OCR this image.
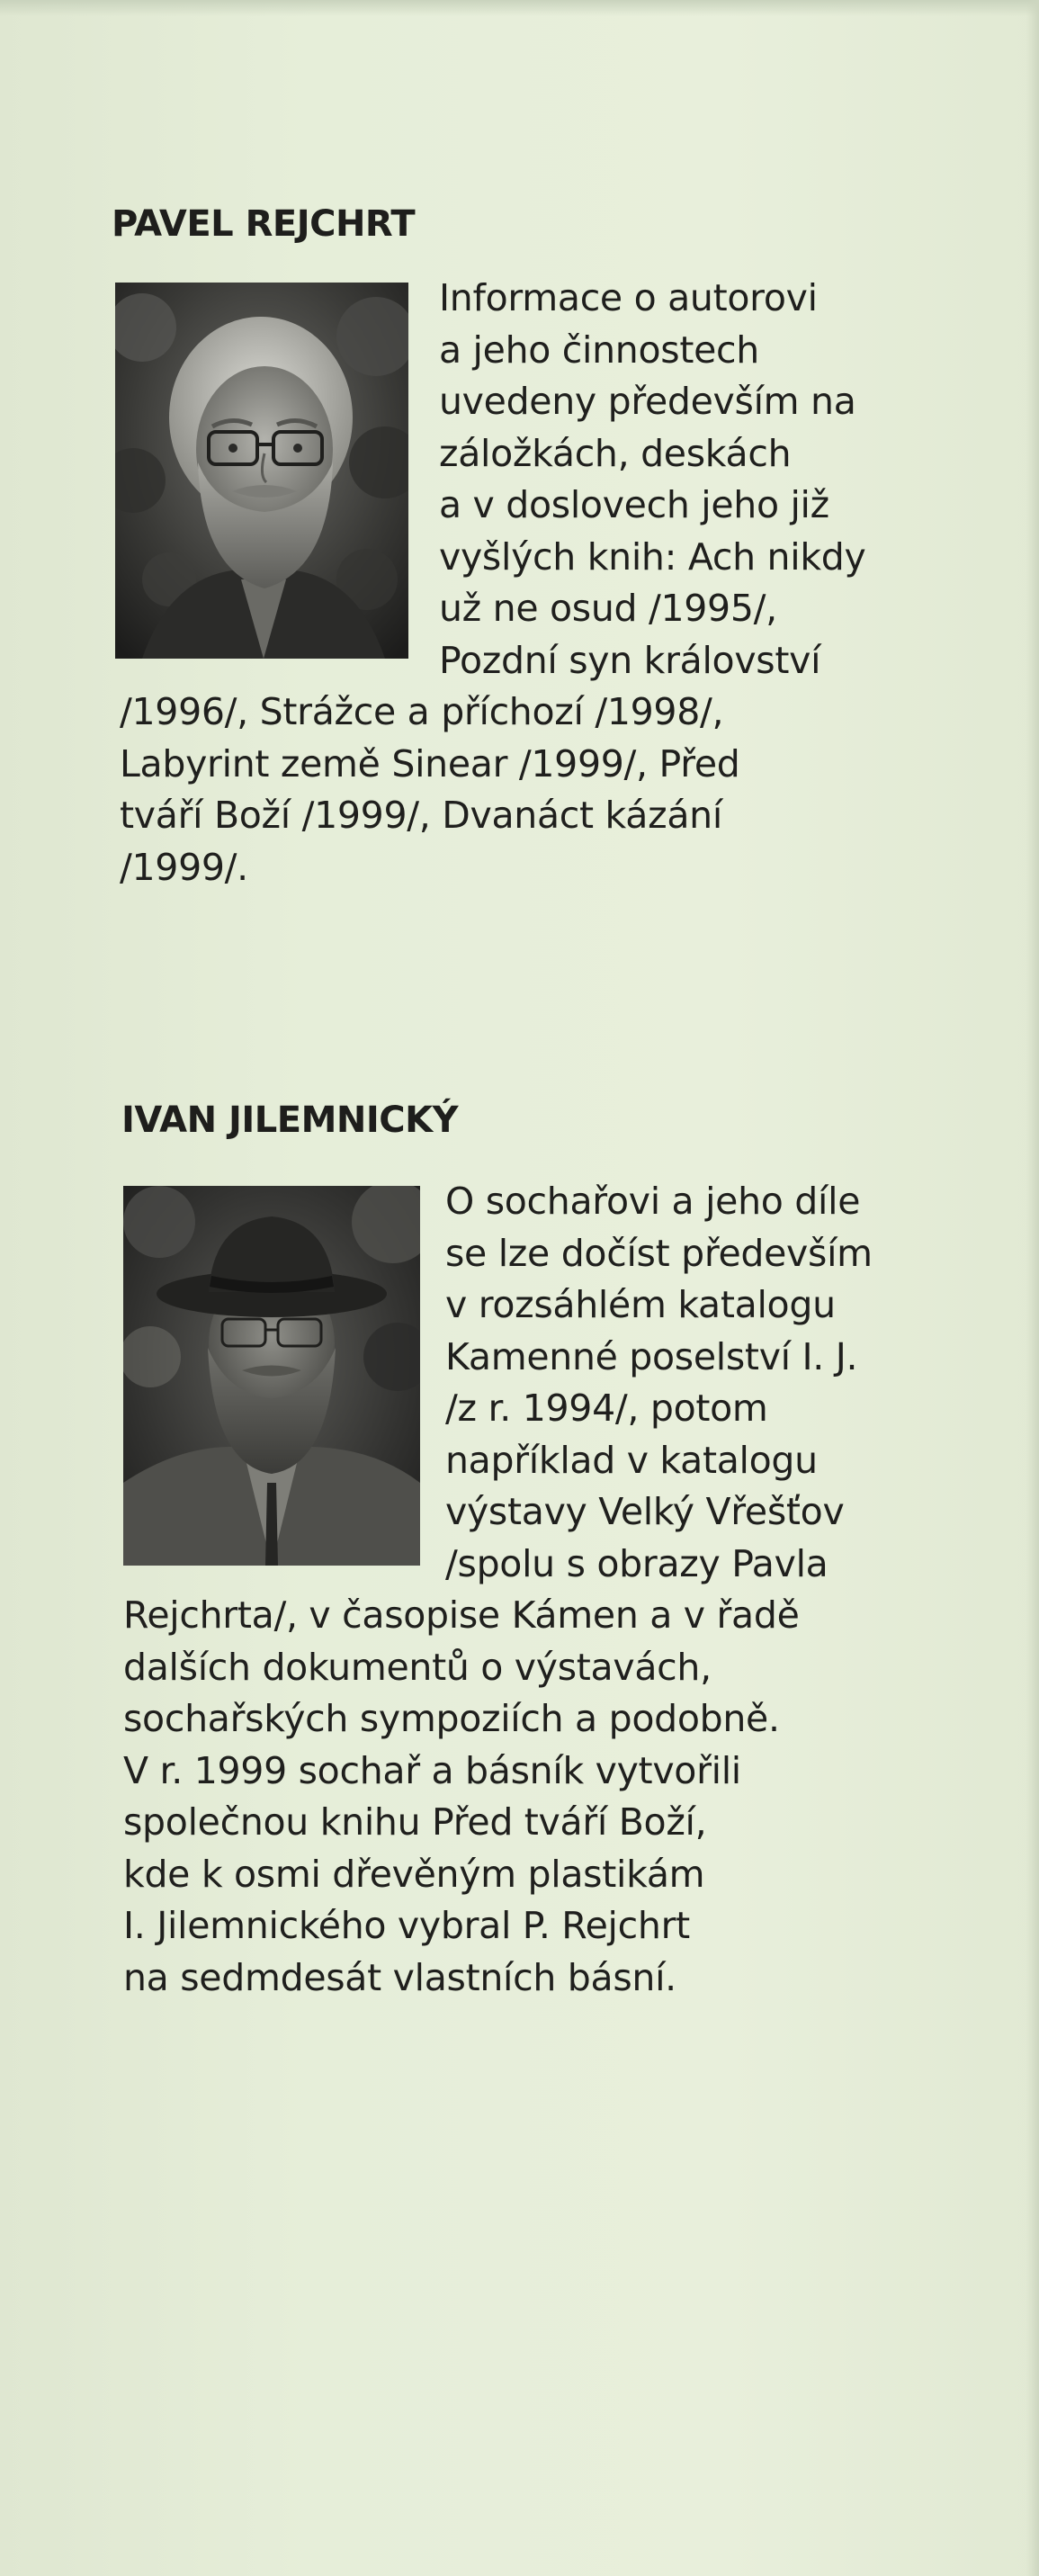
PAVEL REJCHRT

Informace o autorovi
a jeho činnostech
uvedeny především na
záložkách, deskách
a v doslovech jeho již
vyšlých knih: Ach nikdy
už ne osud /1995/,
Pozdní syn království
/1996/, Strážce a příchozí /1998/,
Labyrint země Sinear /1999/, Před
tváří Boží /1999/, Dvanáct kázání
/1999/.

IVAN JILEMNICKÝ

O sochařovi a jeho díle
se lze dočíst především
v rozsáhlém katalogu
Kamenné poselství I. J.
/z r. 1994/, potom
například v katalogu
výstavy Velký Vřešťov
/spolu s obrazy Pavla
Rejchrta/, v časopise Kámen a v řadě
dalších dokumentů o výstavách,
sochařských sympoziích a podobně.
V r. 1999 sochař a básník vytvořili
společnou knihu Před tváří Boží,
kde k osmi dřevěným plastikám
I. Jilemnického vybral P. Rejchrt
na sedmdesát vlastních básní.
